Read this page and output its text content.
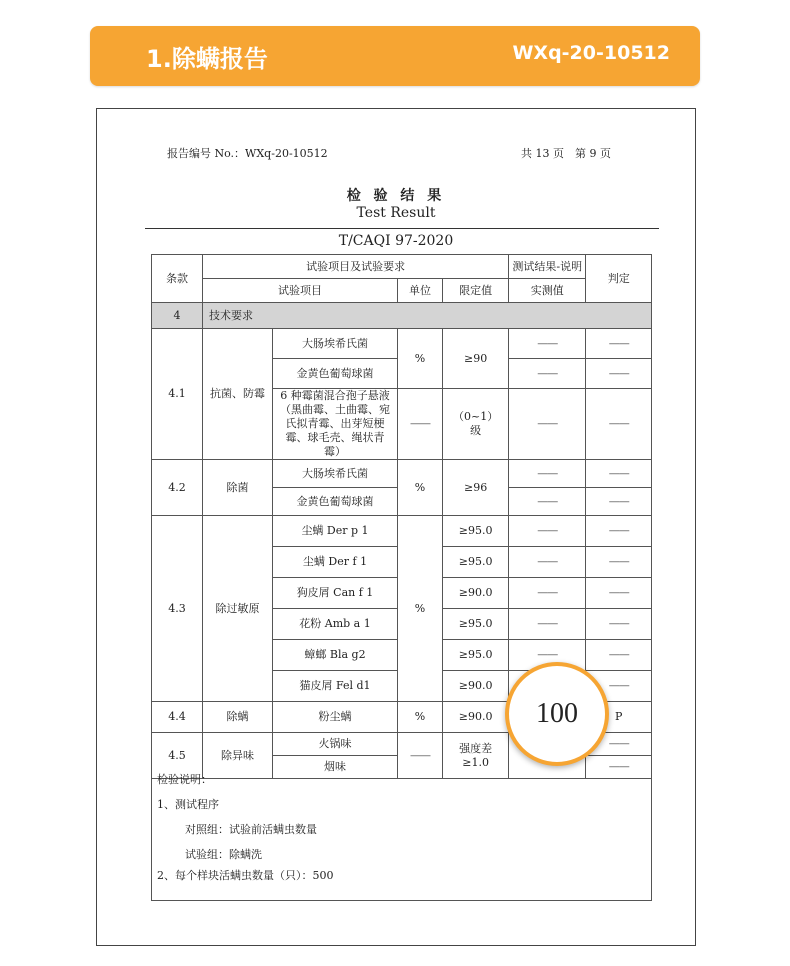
1.除螨报告	WXq-20-10512
报告编号 No.：WXq-20-10512	共 13 页　第 9 页
检 验 结 果
Test Result
T/CAQI 97-2020
条款	试验项目及试验要求				测试结果-说明	判定
	试验项目		单位	限定值	实测值	
4	技术要求					
4.1	抗菌、防霉	大肠埃希氏菌	%	≥90	——	——
		金黄色葡萄球菌			——	——
		6 种霉菌混合孢子悬液（黑曲霉、土曲霉、宛氏拟青霉、出芽短梗霉、球毛壳、绳状青霉）	——	（0~1）级	——	——
4.2	除菌	大肠埃希氏菌	%	≥96	——	——
		金黄色葡萄球菌			——	——
4.3	除过敏原	尘螨 Der p 1	%	≥95.0	——	——
		尘螨 Der f 1		≥95.0	——	——
		狗皮屑 Can f 1		≥90.0	——	——
		花粉 Amb a 1		≥95.0	——	——
		蟑螂 Bla g2		≥95.0	——	——
		猫皮屑 Fel d1		≥90.0		——
4.4	除螨	粉尘螨	%	≥90.0		P
4.5	除异味	火锅味	——	强度差≥1.0		——
		烟味				——

检验说明：
1、测试程序
对照组：试验前活螨虫数量
试验组：除螨洗
2、每个样块活螨虫数量（只）：500
100
